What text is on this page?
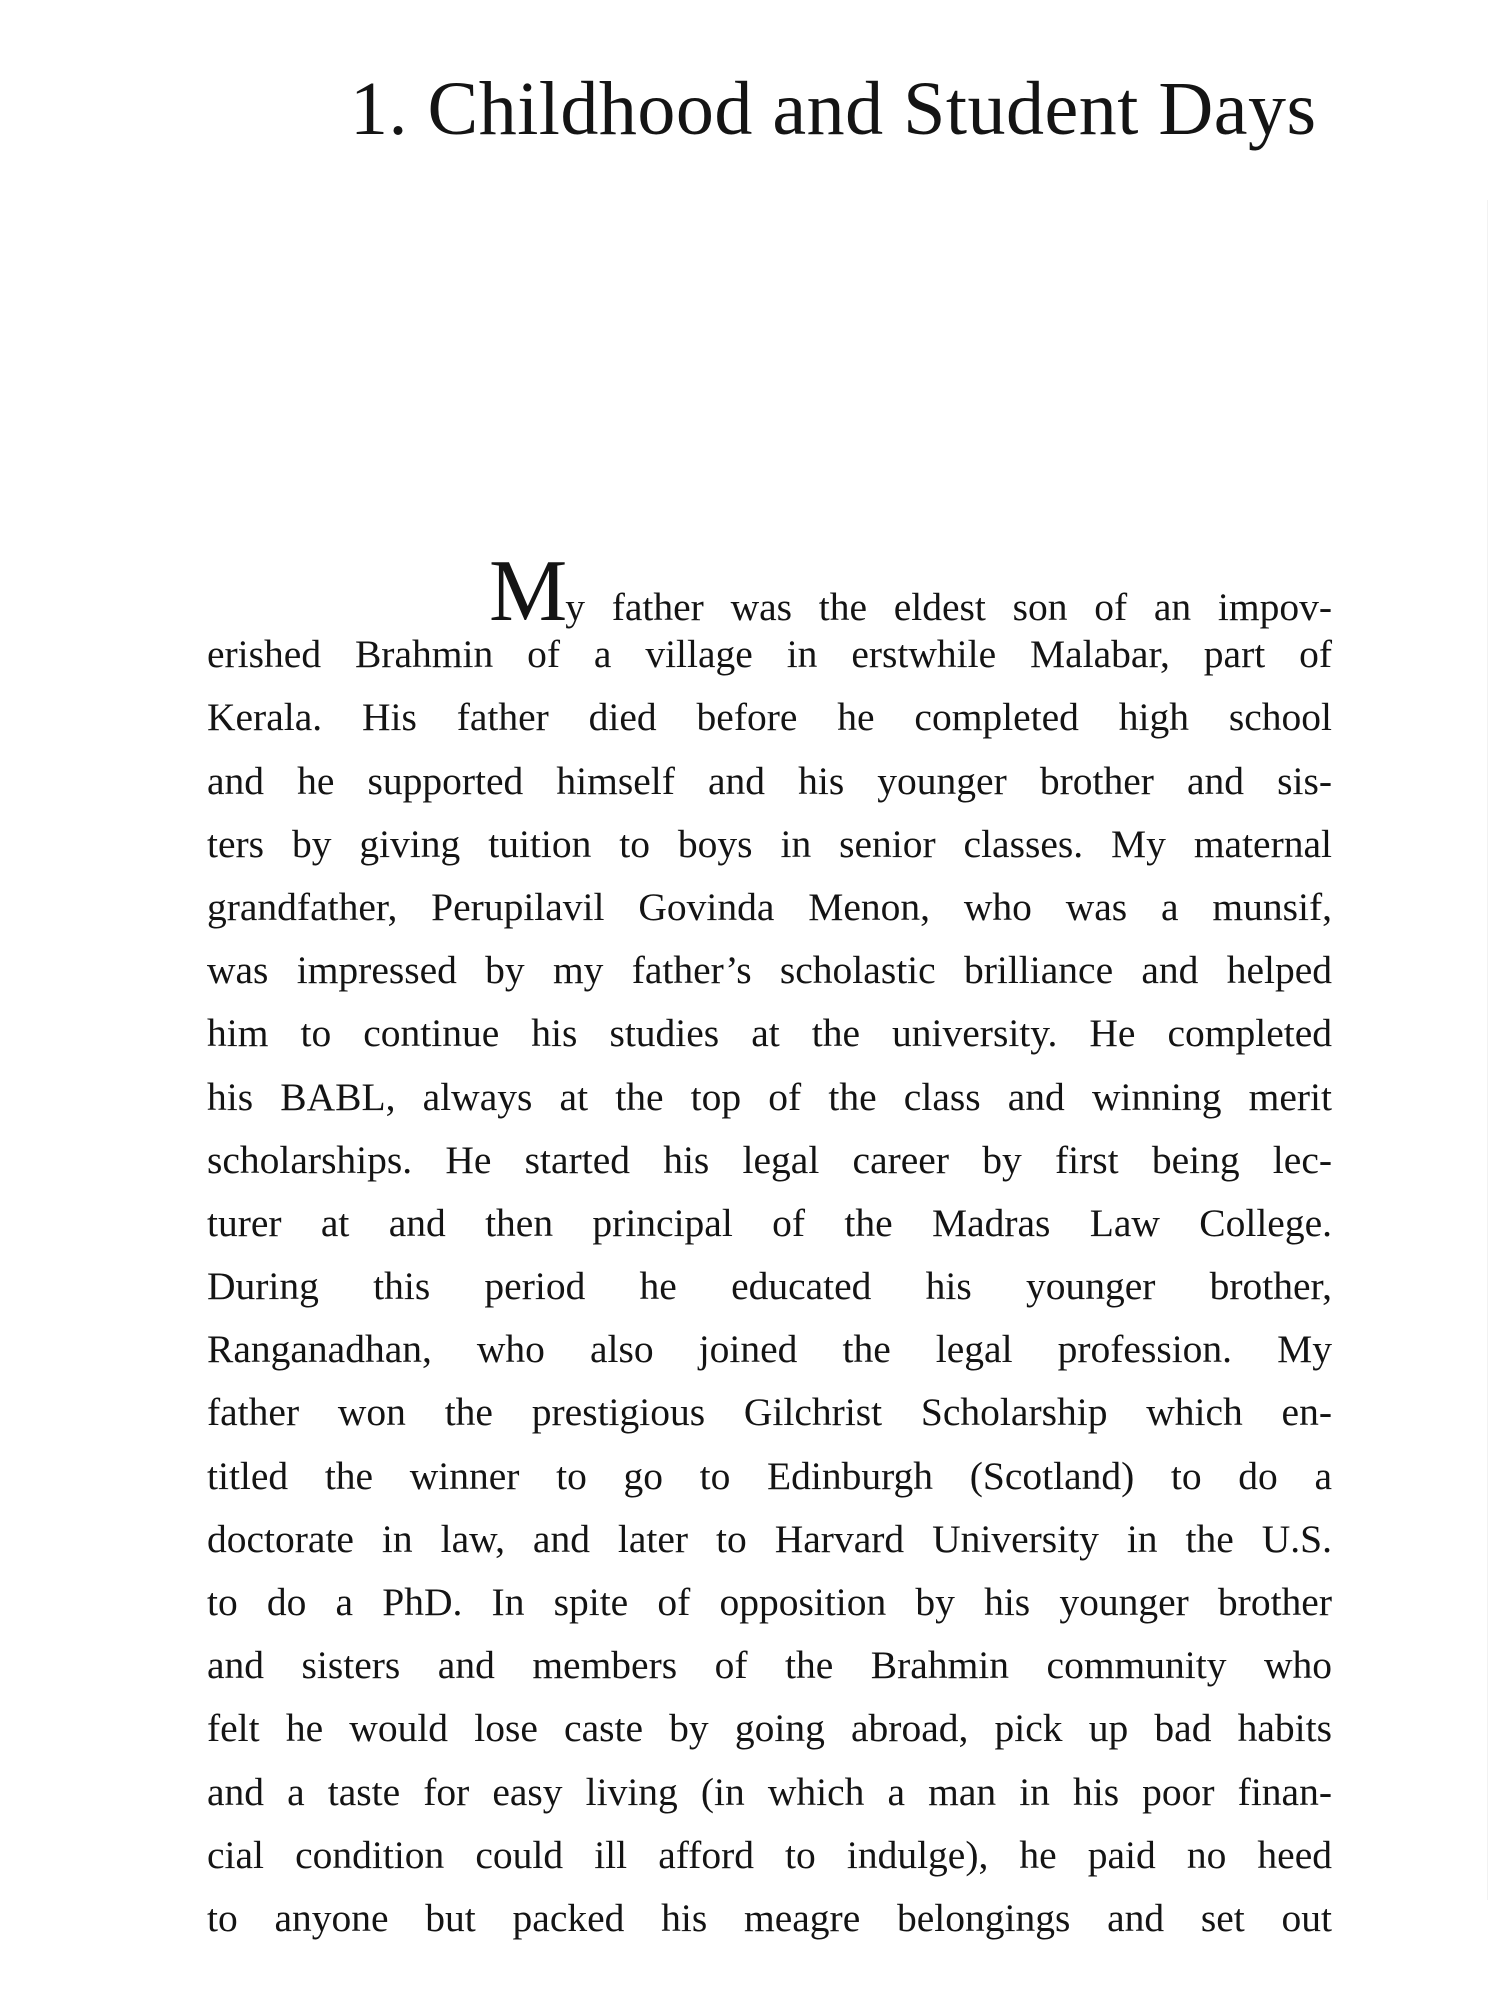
1. Childhood and Student Days
My father was the eldest son of an impov-
erished Brahmin of a village in erstwhile Malabar, part of
Kerala. His father died before he completed high school
and he supported himself and his younger brother and sis-
ters by giving tuition to boys in senior classes. My maternal
grandfather, Perupilavil Govinda Menon, who was a munsif,
was impressed by my father’s scholastic brilliance and helped
him to continue his studies at the university. He completed
his BABL, always at the top of the class and winning merit
scholarships. He started his legal career by first being lec-
turer at and then principal of the Madras Law College.
During this period he educated his younger brother,
Ranganadhan, who also joined the legal profession. My
father won the prestigious Gilchrist Scholarship which en-
titled the winner to go to Edinburgh (Scotland) to do a
doctorate in law, and later to Harvard University in the U.S.
to do a PhD. In spite of opposition by his younger brother
and sisters and members of the Brahmin community who
felt he would lose caste by going abroad, pick up bad habits
and a taste for easy living (in which a man in his poor finan-
cial condition could ill afford to indulge), he paid no heed
to anyone but packed his meagre belongings and set out
